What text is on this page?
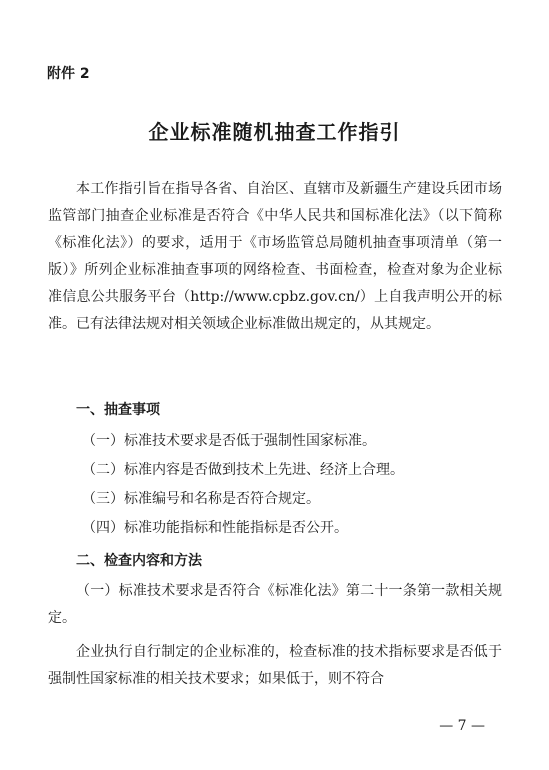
附件 2
企业标准随机抽查工作指引

本工作指引旨在指导各省、自治区、直辖市及新疆生产建设兵团市场监管部门抽查企业标准是否符合《中华人民共和国标准化法》（以下简称《标准化法》）的要求，适用于《市场监管总局随机抽查事项清单（第一版）》所列企业标准抽查事项的网络检查、书面检查，检查对象为企业标准信息公共服务平台（http://www.cpbz.gov.cn/）上自我声明公开的标准。已有法律法规对相关领域企业标准做出规定的，从其规定。

一、抽查事项

（一）标准技术要求是否低于强制性国家标准。

（二）标准内容是否做到技术上先进、经济上合理。

（三）标准编号和名称是否符合规定。

（四）标准功能指标和性能指标是否公开。

二、检查内容和方法

（一）标准技术要求是否符合《标准化法》第二十一条第一款相关规定。

企业执行自行制定的企业标准的，检查标准的技术指标要求是否低于强制性国家标准的相关技术要求；如果低于，则不符合

— 7 —
